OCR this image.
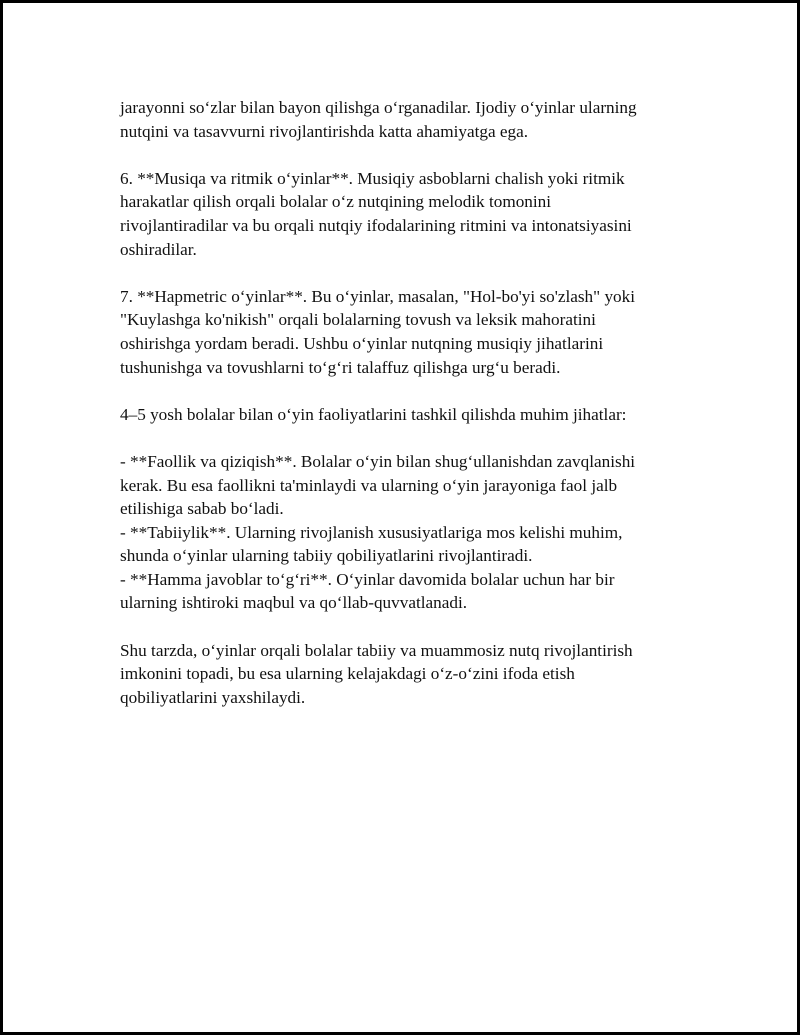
jarayonni so‘zlar bilan bayon qilishga o‘rganadilar. Ijodiy o‘yinlar ularning
nutqini va tasavvurni rivojlantirishda katta ahamiyatga ega.

6. **Musiqa va ritmik o‘yinlar**. Musiqiy asboblarni chalish yoki ritmik
harakatlar qilish orqali bolalar o‘z nutqining melodik tomonini
rivojlantiradilar va bu orqali nutqiy ifodalarining ritmini va intonatsiyasini
oshiradilar.

7. **Hapmetric o‘yinlar**. Bu o‘yinlar, masalan, "Hol-bo'yi so'zlash" yoki
"Kuylashga ko'nikish" orqali bolalarning tovush va leksik mahoratini
oshirishga yordam beradi. Ushbu o‘yinlar nutqning musiqiy jihatlarini
tushunishga va tovushlarni to‘g‘ri talaffuz qilishga urg‘u beradi.

4–5 yosh bolalar bilan o‘yin faoliyatlarini tashkil qilishda muhim jihatlar:

- **Faollik va qiziqish**. Bolalar o‘yin bilan shug‘ullanishdan zavqlanishi
kerak. Bu esa faollikni ta'minlaydi va ularning o‘yin jarayoniga faol jalb
etilishiga sabab bo‘ladi.
- **Tabiiylik**. Ularning rivojlanish xususiyatlariga mos kelishi muhim,
shunda o‘yinlar ularning tabiiy qobiliyatlarini rivojlantiradi.
- **Hamma javoblar to‘g‘ri**. O‘yinlar davomida bolalar uchun har bir
ularning ishtiroki maqbul va qo‘llab-quvvatlanadi.

Shu tarzda, o‘yinlar orqali bolalar tabiiy va muammosiz nutq rivojlantirish
imkonini topadi, bu esa ularning kelajakdagi o‘z-o‘zini ifoda etish
qobiliyatlarini yaxshilaydi.
